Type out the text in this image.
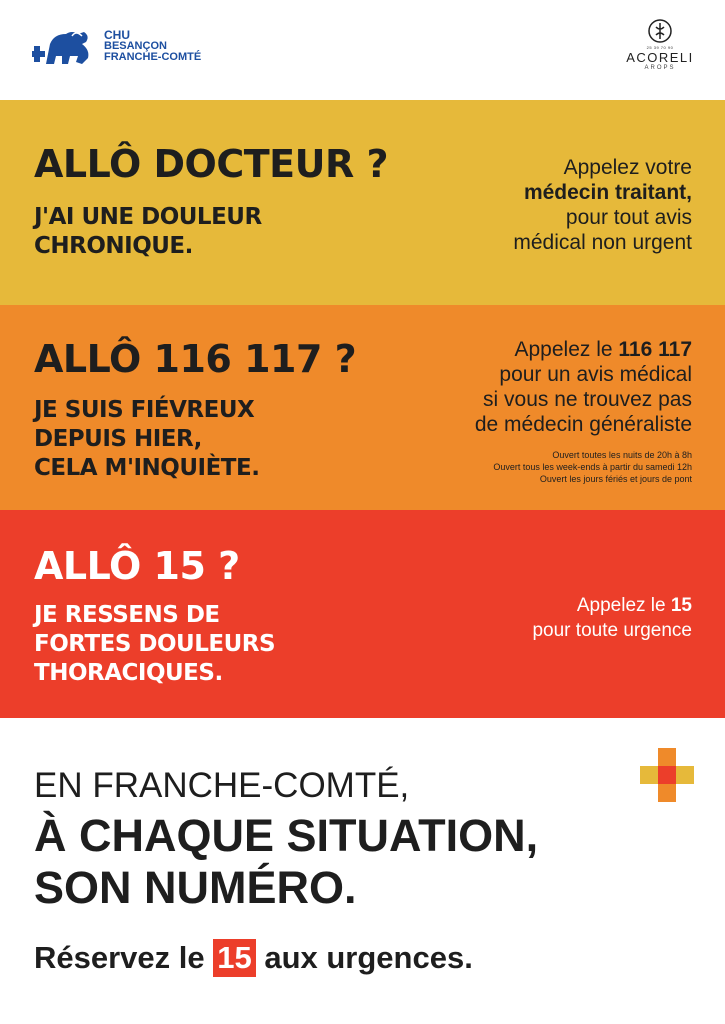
CHU
BESANÇON
FRANCHE-COMTÉ
25 39 70 90
ACORELI
AROPS

ALLÔ DOCTEUR ?

J'AI UNE DOULEUR
CHRONIQUE.

Appelez votre
médecin traitant,
pour tout avis
médical non urgent

ALLÔ 116 117 ?

JE SUIS FIÉVREUX
DEPUIS HIER,
CELA M'INQUIÈTE.

Appelez le 116 117
pour un avis médical
si vous ne trouvez pas
de médecin généraliste
Ouvert toutes les nuits de 20h à 8h
Ouvert tous les week-ends à partir du samedi 12h
Ouvert les jours fériés et jours de pont

ALLÔ 15 ?

JE RESSENS DE
FORTES DOULEURS
THORACIQUES.

Appelez le 15
pour toute urgence

EN FRANCHE-COMTÉ,

À CHAQUE SITUATION,
SON NUMÉRO.

Réservez le 15 aux urgences.
